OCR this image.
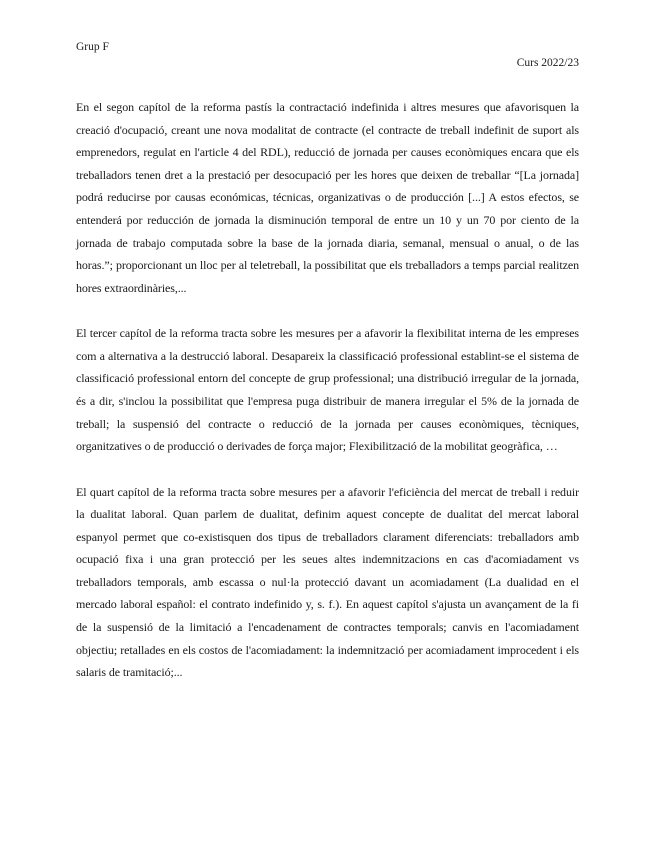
Grup F
Curs 2022/23

En el segon capítol de la reforma pastís la contractació indefinida i altres mesures que afavorisquen la creació d'ocupació, creant une nova modalitat de contracte (el contracte de treball indefinit de suport als emprenedors, regulat en l'article 4 del RDL), reducció de jornada per causes econòmiques encara que els treballadors tenen dret a la prestació per desocupació per les hores que deixen de treballar “[La jornada] podrá reducirse por causas económicas, técnicas, organizativas o de producción [...] A estos efectos, se entenderá por reducción de jornada la disminución temporal de entre un 10 y un 70 por ciento de la jornada de trabajo computada sobre la base de la jornada diaria, semanal, mensual o anual, o de las horas.”; proporcionant un lloc per al teletreball, la possibilitat que els treballadors a temps parcial realitzen hores extraordinàries,...

El tercer capítol de la reforma tracta sobre les mesures per a afavorir la flexibilitat interna de les empreses com a alternativa a la destrucció laboral. Desapareix la classificació professional establint-se el sistema de classificació professional entorn del concepte de grup professional; una distribució irregular de la jornada, és a dir, s'inclou la possibilitat que l'empresa puga distribuir de manera irregular el 5% de la jornada de treball; la suspensió del contracte o reducció de la jornada per causes econòmiques, tècniques, organitzatives o de producció o derivades de força major; Flexibilització de la mobilitat geogràfica, …

El quart capítol de la reforma tracta sobre mesures per a afavorir l'eficiència del mercat de treball i reduir la dualitat laboral. Quan parlem de dualitat, definim aquest concepte de dualitat del mercat laboral espanyol permet que co-existisquen dos tipus de treballadors clarament diferenciats: treballadors amb ocupació fixa i una gran protecció per les seues altes indemnitzacions en cas d'acomiadament vs treballadors temporals, amb escassa o nul·la protecció davant un acomiadament (La dualidad en el mercado laboral español: el contrato indefinido y, s. f.). En aquest capítol s'ajusta un avançament de la fi de la suspensió de la limitació a l'encadenament de contractes temporals; canvis en l'acomiadament objectiu; retallades en els costos de l'acomiadament: la indemnització per acomiadament improcedent i els salaris de tramitació;...
